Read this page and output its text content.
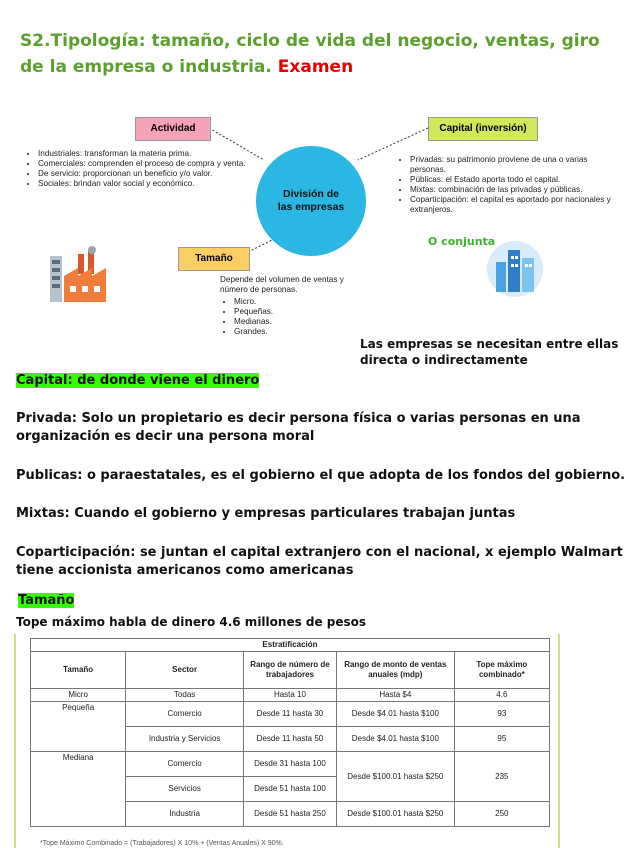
S2.Tipología: tamaño, ciclo de vida del negocio, ventas, giro de la empresa o industria. Examen
Actividad	Capital (inversión)
Tamaño
División de
las empresas
• Industriales: transforman la materia prima.
• Comerciales: comprenden el proceso de compra y venta.
• De servicio: proporcionan un beneficio y/o valor.
• Sociales: brindan valor social y económico.
• Privadas: su patrimonio proviene de una o varias personas.
• Públicas: el Estado aporta todo el capital.
• Mixtas: combinación de las privadas y públicas.
• Coparticipación: el capital es aportado por nacionales y extranjeros.
O conjunta
Depende del volumen de ventas y número de personas.
• Micro.
• Pequeñas.
• Medianas.
• Grandes.
Las empresas se necesitan entre ellas directa o indirectamente
Capital: de donde viene el dinero
Privada: Solo un propietario es decir persona física o varias personas en una organización es decir una persona moral
Publicas: o paraestatales, es el gobierno el que adopta de los fondos del gobierno.
Mixtas: Cuando el gobierno y empresas particulares trabajan juntas
Coparticipación: se juntan el capital extranjero con el nacional, x ejemplo Walmart tiene accionista americanos como americanas
Tamaño
Tope máximo habla de dinero 4.6 millones de pesos
Estratificación				
Tamaño	Sector	Rango de número de trabajadores	Rango de monto de ventas anuales (mdp)	Tope máximo combinado*
Micro	Todas	Hasta 10	Hasta $4	4.6
Pequeña	Comercio	Desde 11 hasta 30	Desde $4.01 hasta $100	93
	Industria y Servicios	Desde 11 hasta 50	Desde $4.01 hasta $100	95
Mediana	Comercio	Desde 31 hasta 100	Desde $100.01 hasta $250	235
	Servicios	Desde 51 hasta 100		
	Industria	Desde 51 hasta 250	Desde $100.01 hasta $250	250
*Tope Máximo Combinado = (Trabajadores) X 10% + (Ventas Anuales) X 90%.
